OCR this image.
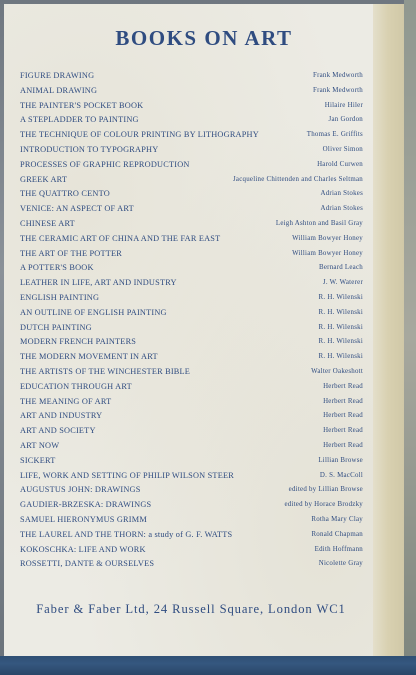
BOOKS ON ART
FIGURE DRAWING	Frank Medworth
ANIMAL DRAWING	Frank Medworth
THE PAINTER'S POCKET BOOK	Hilaire Hiler
A STEPLADDER TO PAINTING	Jan Gordon
THE TECHNIQUE OF COLOUR PRINTING BY LITHOGRAPHY	Thomas E. Griffits
INTRODUCTION TO TYPOGRAPHY	Oliver Simon
PROCESSES OF GRAPHIC REPRODUCTION	Harold Curwen
GREEK ART	Jacqueline Chittenden and Charles Seltman
THE QUATTRO CENTO	Adrian Stokes
VENICE: AN ASPECT OF ART	Adrian Stokes
CHINESE ART	Leigh Ashton and Basil Gray
THE CERAMIC ART OF CHINA AND THE FAR EAST	William Bowyer Honey
THE ART OF THE POTTER	William Bowyer Honey
A POTTER'S BOOK	Bernard Leach
LEATHER IN LIFE, ART AND INDUSTRY	J. W. Waterer
ENGLISH PAINTING	R. H. Wilenski
AN OUTLINE OF ENGLISH PAINTING	R. H. Wilenski
DUTCH PAINTING	R. H. Wilenski
MODERN FRENCH PAINTERS	R. H. Wilenski
THE MODERN MOVEMENT IN ART	R. H. Wilenski
THE ARTISTS OF THE WINCHESTER BIBLE	Walter Oakeshott
EDUCATION THROUGH ART	Herbert Read
THE MEANING OF ART	Herbert Read
ART AND INDUSTRY	Herbert Read
ART AND SOCIETY	Herbert Read
ART NOW	Herbert Read
SICKERT	Lillian Browse
LIFE, WORK AND SETTING OF PHILIP WILSON STEER	D. S. MacColl
AUGUSTUS JOHN: DRAWINGS	edited by Lillian Browse
GAUDIER-BRZESKA: DRAWINGS	edited by Horace Brodzky
SAMUEL HIERONYMUS GRIMM	Rotha Mary Clay
THE LAUREL AND THE THORN: a study of G. F. WATTS	Ronald Chapman
KOKOSCHKA: LIFE AND WORK	Edith Hoffmann
ROSSETTI, DANTE & OURSELVES	Nicolette Gray

Faber & Faber Ltd, 24 Russell Square, London WC1
